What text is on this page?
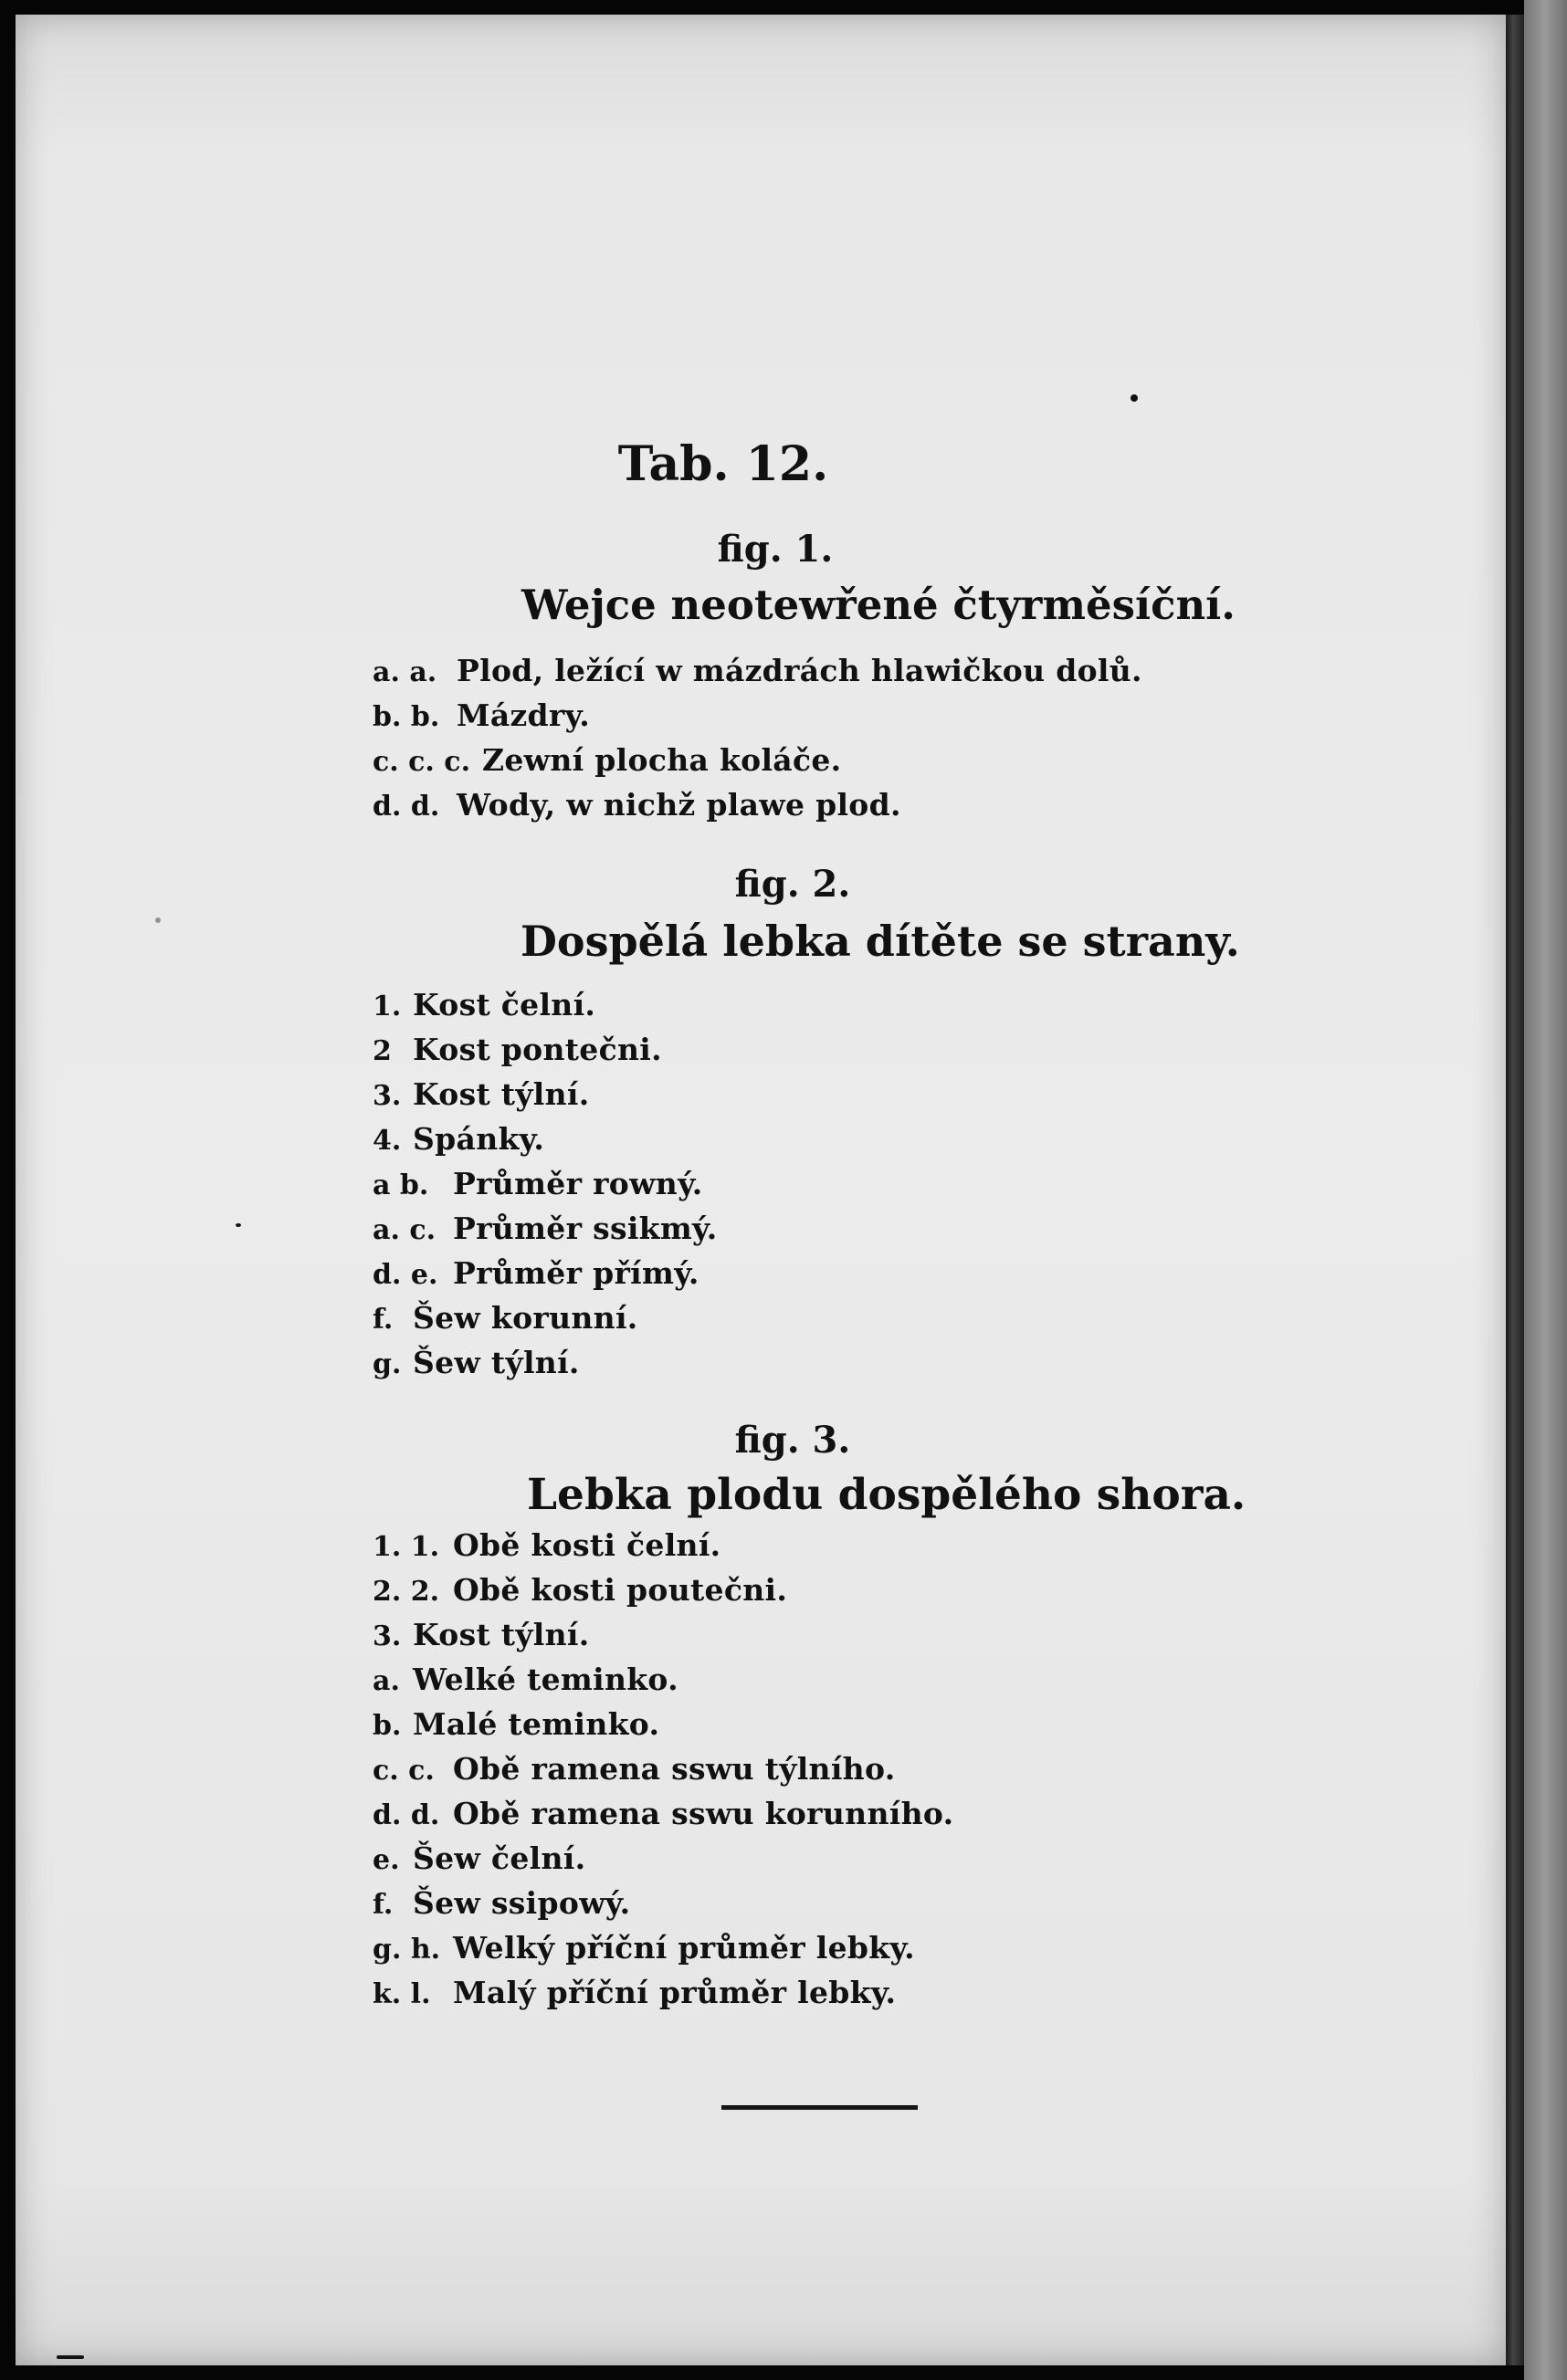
Tab. 12.
fig. 1.
Wejce neotewřené čtyrměsíční.
a. a. Plod, ležící w mázdrách hlawičkou dolů.
b. b. Mázdry.
c. c. c. Zewní plocha koláče.
d. d. Wody, w nichž plawe plod.
fig. 2.
Dospělá lebka dítěte se strany.
1. Kost čelní.
2 Kost pontečni.
3. Kost týlní.
4. Spánky.
a b. Průměr rowný.
a. c. Průměr ssikmý.
d. e. Průměr přímý.
f. Šew korunní.
g. Šew týlní.
fig. 3.
Lebka plodu dospělého shora.
1. 1. Obě kosti čelní.
2. 2. Obě kosti poutečni.
3. Kost týlní.
a. Welké teminko.
b. Malé teminko.
c. c. Obě ramena sswu týlního.
d. d. Obě ramena sswu korunního.
e. Šew čelní.
f. Šew ssipowý.
g. h. Welký příční průměr lebky.
k. l. Malý příční průměr lebky.
